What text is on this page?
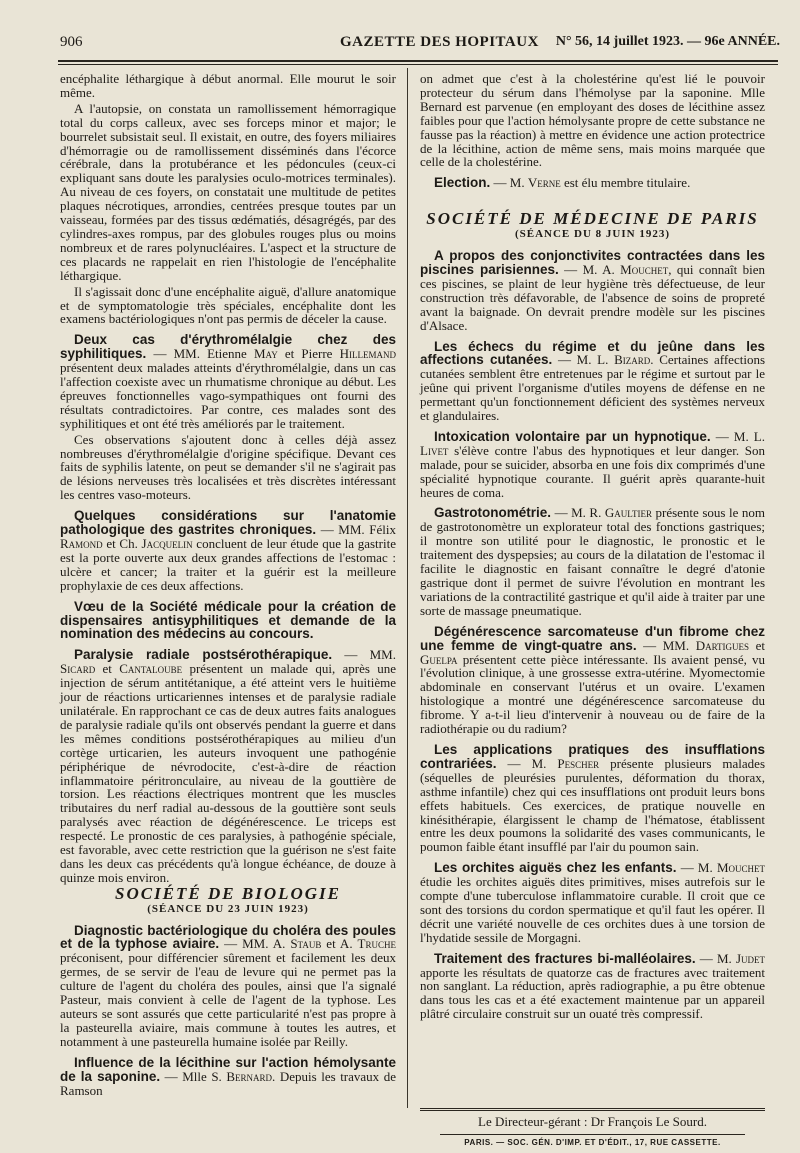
906	GAZETTE DES HOPITAUX N° 56, 14 juillet 1923. — 96e ANNÉE.

encéphalite léthargique à début anormal. Elle mourut le soir même.

A l'autopsie, on constata un ramollissement hémorragique total du corps calleux, avec ses forceps minor et major; le bourrelet subsistait seul. Il existait, en outre, des foyers miliaires d'hémorragie ou de ramollissement disséminés dans l'écorce cérébrale, dans la protubérance et les pédoncules (ceux-ci expliquant sans doute les paralysies oculo-motrices terminales). Au niveau de ces foyers, on constatait une multitude de petites plaques nécrotiques, arrondies, centrées presque toutes par un vaisseau, formées par des tissus œdématiés, désagrégés, par des cylindres-axes rompus, par des globules rouges plus ou moins nombreux et de rares polynucléaires. L'aspect et la structure de ces placards ne rappelait en rien l'histologie de l'encéphalite léthargique.

Il s'agissait donc d'une encéphalite aiguë, d'allure anatomique et de symptomatologie très spéciales, encéphalite dont les examens bactériologiques n'ont pas permis de déceler la cause.

Deux cas d'érythromélalgie chez des syphilitiques. — MM. Etienne May et Pierre Hillemand présentent deux malades atteints d'érythromélalgie, dans un cas l'affection coexiste avec un rhumatisme chronique au début. Les épreuves fonctionnelles vago-sympathiques ont fourni des résultats contradictoires. Par contre, ces malades sont des syphilitiques et ont été très améliorés par le traitement.

Ces observations s'ajoutent donc à celles déjà assez nombreuses d'érythromélalgie d'origine spécifique. Devant ces faits de syphilis latente, on peut se demander s'il ne s'agirait pas de lésions nerveuses très localisées et très discrètes intéressant les centres vaso-moteurs.

Quelques considérations sur l'anatomie pathologique des gastrites chroniques. — MM. Félix Ramond et Ch. Jacquelin concluent de leur étude que la gastrite est la porte ouverte aux deux grandes affections de l'estomac : ulcère et cancer; la traiter et la guérir est la meilleure prophylaxie de ces deux affections.

Vœu de la Société médicale pour la création de dispensaires antisyphilitiques et demande de la nomination des médecins au concours.

Paralysie radiale postsérothérapique. — MM. Sicard et Cantaloube présentent un malade qui, après une injection de sérum antitétanique, a été atteint vers le huitième jour de réactions urticariennes intenses et de paralysie radiale unilatérale. En rapprochant ce cas de deux autres faits analogues de paralysie radiale qu'ils ont observés pendant la guerre et dans les mêmes conditions postsérothérapiques au milieu d'un cortège urticarien, les auteurs invoquent une pathogénie périphérique de névrodocite, c'est-à-dire de réaction inflammatoire péritronculaire, au niveau de la gouttière de torsion. Les réactions électriques montrent que les muscles tributaires du nerf radial au-dessous de la gouttière sont seuls paralysés avec réaction de dégénérescence. Le triceps est respecté. Le pronostic de ces paralysies, à pathogénie spéciale, est favorable, avec cette restriction que la guérison ne s'est faite dans les deux cas précédents qu'à longue échéance, de douze à quinze mois environ.

SOCIÉTÉ DE BIOLOGIE

(SÉANCE DU 23 JUIN 1923)

Diagnostic bactériologique du choléra des poules et de la typhose aviaire. — MM. A. Staub et A. Truche préconisent, pour différencier sûrement et facilement les deux germes, de se servir de l'eau de levure qui ne permet pas la culture de l'agent du choléra des poules, ainsi que l'a signalé Pasteur, mais convient à celle de l'agent de la typhose. Les auteurs se sont assurés que cette particularité n'est pas propre à la pasteurella aviaire, mais commune à toutes les autres, et notamment à une pasteurella humaine isolée par Reilly.

Influence de la lécithine sur l'action hémolysante de la saponine. — Mlle S. Bernard. Depuis les travaux de Ramson

on admet que c'est à la cholestérine qu'est lié le pouvoir protecteur du sérum dans l'hémolyse par la saponine. Mlle Bernard est parvenue (en employant des doses de lécithine assez faibles pour que l'action hémolysante propre de cette substance ne fausse pas la réaction) à mettre en évidence une action protectrice de la lécithine, action de même sens, mais moins marquée que celle de la cholestérine.

Election. — M. Verne est élu membre titulaire.

SOCIÉTÉ DE MÉDECINE DE PARIS

(SÉANCE DU 8 JUIN 1923)

A propos des conjonctivites contractées dans les piscines parisiennes. — M. A. Mouchet, qui connaît bien ces piscines, se plaint de leur hygiène très défectueuse, de leur construction très défavorable, de l'absence de soins de propreté avant la baignade. On devrait prendre modèle sur les piscines d'Alsace.

Les échecs du régime et du jeûne dans les affections cutanées. — M. L. Bizard. Certaines affections cutanées semblent être entretenues par le régime et surtout par le jeûne qui privent l'organisme d'utiles moyens de défense en ne permettant qu'un fonctionnement déficient des systèmes nerveux et glandulaires.

Intoxication volontaire par un hypnotique. — M. L. Livet s'élève contre l'abus des hypnotiques et leur danger. Son malade, pour se suicider, absorba en une fois dix comprimés d'une spécialité hypnotique courante. Il guérit après quarante-huit heures de coma.

Gastrotonométrie. — M. R. Gaultier présente sous le nom de gastrotonomètre un explorateur total des fonctions gastriques; il montre son utilité pour le diagnostic, le pronostic et le traitement des dyspepsies; au cours de la dilatation de l'estomac il facilite le diagnostic en faisant connaître le degré d'atonie gastrique dont il permet de suivre l'évolution en montrant les variations de la contractilité gastrique et qu'il aide à traiter par une sorte de massage pneumatique.

Dégénérescence sarcomateuse d'un fibrome chez une femme de vingt-quatre ans. — MM. Dartigues et Guelpa présentent cette pièce intéressante. Ils avaient pensé, vu l'évolution clinique, à une grossesse extra-utérine. Myomectomie abdominale en conservant l'utérus et un ovaire. L'examen histologique a montré une dégénérescence sarcomateuse du fibrome. Y a-t-il lieu d'intervenir à nouveau ou de faire de la radiothérapie ou du radium?

Les applications pratiques des insufflations contrariées. — M. Pescher présente plusieurs malades (séquelles de pleurésies purulentes, déformation du thorax, asthme infantile) chez qui ces insufflations ont produit leurs bons effets habituels. Ces exercices, de pratique nouvelle en kinésithérapie, élargissent le champ de l'hématose, établissent entre les deux poumons la solidarité des vases communicants, le poumon faible étant insufflé par l'air du poumon sain.

Les orchites aiguës chez les enfants. — M. Mouchet étudie les orchites aiguës dites primitives, mises autrefois sur le compte d'une tuberculose inflammatoire curable. Il croit que ce sont des torsions du cordon spermatique et qu'il faut les opérer. Il décrit une variété nouvelle de ces orchites dues à une torsion de l'hydatide sessile de Morgagni.

Traitement des fractures bi-malléolaires. — M. Judet apporte les résultats de quatorze cas de fractures avec traitement non sanglant. La réduction, après radiographie, a pu être obtenue dans tous les cas et a été exactement maintenue par un appareil plâtré circulaire construit sur un ouaté très compressif.

Le Directeur-gérant : Dr François Le Sourd.
PARIS. — SOC. GÉN. D'IMP. ET D'ÉDIT., 17, RUE CASSETTE.
